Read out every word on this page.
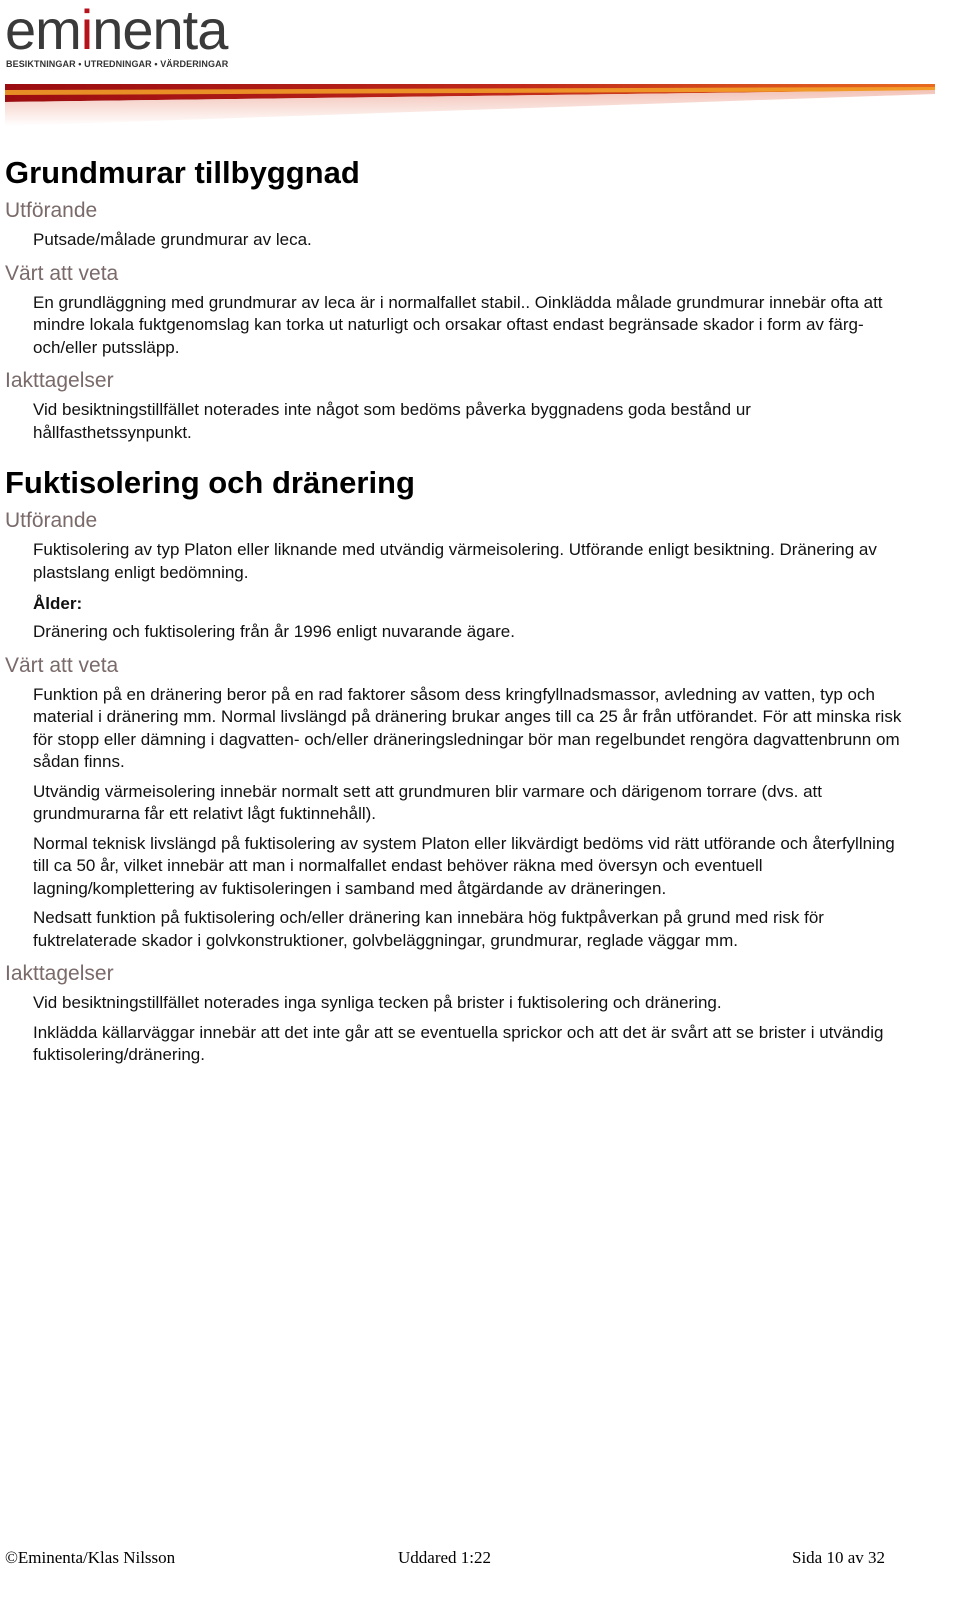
eminenta
BESIKTNINGAR • UTREDNINGAR • VÄRDERINGAR
Grundmurar tillbyggnad
Utförande

Putsade/målade grundmurar av leca.

Värt att veta

En grundläggning med grundmurar av leca är i normalfallet stabil.. Oinklädda målade grundmurar innebär ofta att mindre lokala fuktgenomslag kan torka ut naturligt och orsakar oftast endast begränsade skador i form av färg- och/eller putssläpp.

Iakttagelser

Vid besiktningstillfället noterades inte något som bedöms påverka byggnadens goda bestånd ur hållfasthetssynpunkt.

Fuktisolering och dränering
Utförande

Fuktisolering av typ Platon eller liknande med utvändig värmeisolering. Utförande enligt besiktning. Dränering av plastslang enligt bedömning.

Ålder:

Dränering och fuktisolering från år 1996 enligt nuvarande ägare.

Värt att veta

Funktion på en dränering beror på en rad faktorer såsom dess kringfyllnadsmassor, avledning av vatten, typ och material i dränering mm. Normal livslängd på dränering brukar anges till ca 25 år från utförandet. För att minska risk för stopp eller dämning i dagvatten- och/eller dräneringsledningar bör man regelbundet rengöra dagvattenbrunn om sådan finns.

Utvändig värmeisolering innebär normalt sett att grundmuren blir varmare och därigenom torrare (dvs. att grundmurarna får ett relativt lågt fuktinnehåll).

Normal teknisk livslängd på fuktisolering av system Platon eller likvärdigt bedöms vid rätt utförande och återfyllning till ca 50 år, vilket innebär att man i normalfallet endast behöver räkna med översyn och eventuell lagning/komplettering av fuktisoleringen i samband med åtgärdande av dräneringen.

Nedsatt funktion på fuktisolering och/eller dränering kan innebära hög fuktpåverkan på grund med risk för fuktrelaterade skador i golvkonstruktioner, golvbeläggningar, grundmurar, reglade väggar mm.

Iakttagelser

Vid besiktningstillfället noterades inga synliga tecken på brister i fuktisolering och dränering.

Inklädda källarväggar innebär att det inte går att se eventuella sprickor och att det är svårt att se brister i utvändig fuktisolering/dränering.

©Eminenta/Klas Nilsson	Uddared 1:22	Sida 10 av 32
